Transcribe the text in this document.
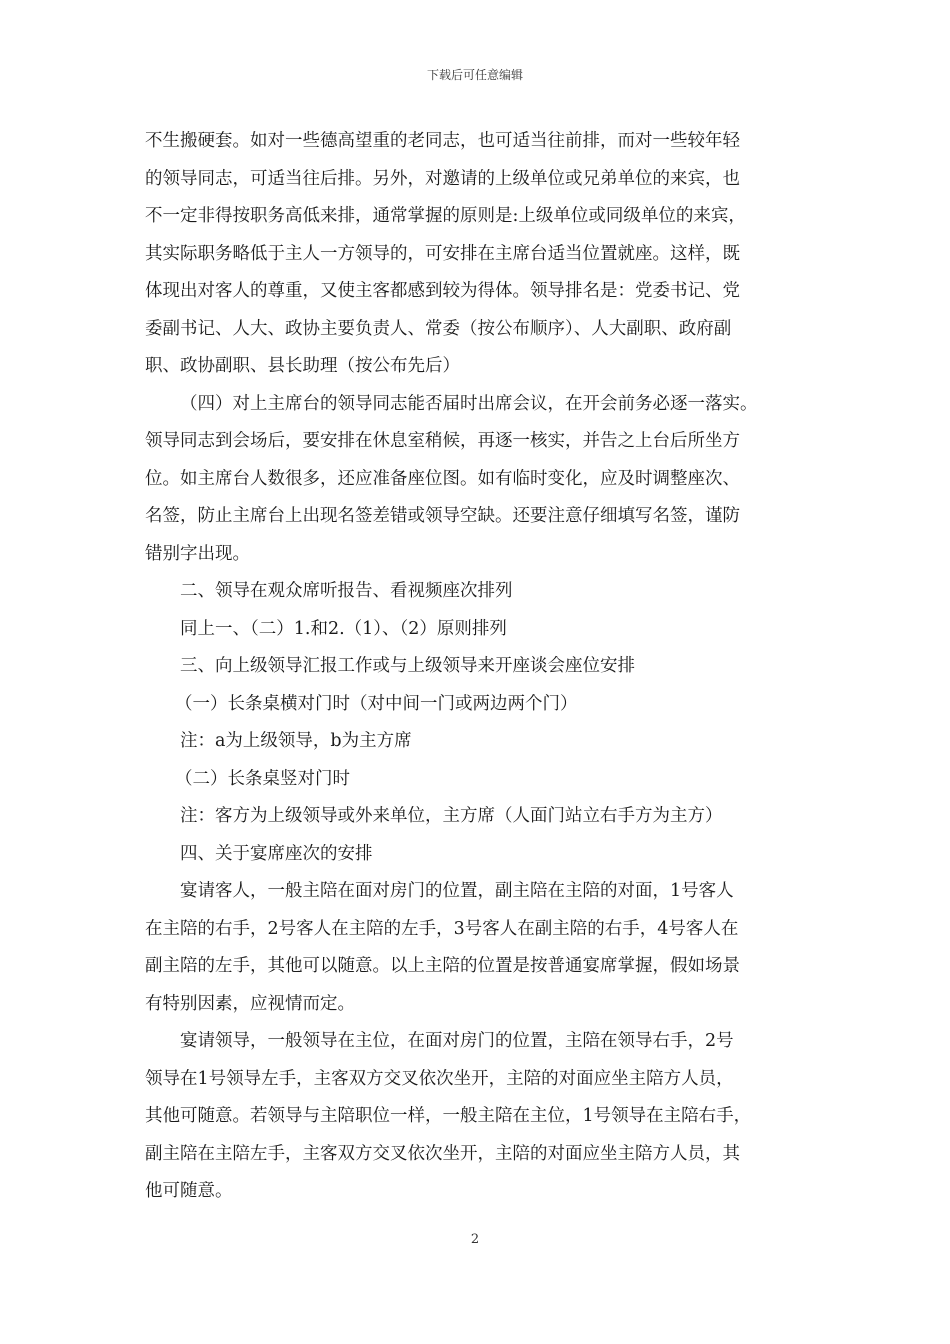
下载后可任意编辑
不生搬硬套。如对一些德高望重的老同志，也可适当往前排，而对一些较年轻
的领导同志，可适当往后排。另外，对邀请的上级单位或兄弟单位的来宾，也
不一定非得按职务高低来排，通常掌握的原则是:上级单位或同级单位的来宾，
其实际职务略低于主人一方领导的，可安排在主席台适当位置就座。这样，既
体现出对客人的尊重，又使主客都感到较为得体。领导排名是：党委书记、党
委副书记、人大、政协主要负责人、常委（按公布顺序）、人大副职、政府副
职、政协副职、县长助理（按公布先后）
（四）对上主席台的领导同志能否届时出席会议，在开会前务必逐一落实。
领导同志到会场后，要安排在休息室稍候，再逐一核实，并告之上台后所坐方
位。如主席台人数很多，还应准备座位图。如有临时变化，应及时调整座次、
名签，防止主席台上出现名签差错或领导空缺。还要注意仔细填写名签，谨防
错别字出现。
二、领导在观众席听报告、看视频座次排列
同上一、（二）1.和2.（1）、（2）原则排列
三、向上级领导汇报工作或与上级领导来开座谈会座位安排
（一）长条桌横对门时（对中间一门或两边两个门）
注：a为上级领导，b为主方席
（二）长条桌竖对门时
注：客方为上级领导或外来单位，主方席（人面门站立右手方为主方）
四、关于宴席座次的安排
宴请客人，一般主陪在面对房门的位置，副主陪在主陪的对面，1号客人
在主陪的右手，2号客人在主陪的左手，3号客人在副主陪的右手，4号客人在
副主陪的左手，其他可以随意。以上主陪的位置是按普通宴席掌握，假如场景
有特别因素，应视情而定。
宴请领导，一般领导在主位，在面对房门的位置，主陪在领导右手，2号
领导在1号领导左手，主客双方交叉依次坐开，主陪的对面应坐主陪方人员，
其他可随意。若领导与主陪职位一样，一般主陪在主位，1号领导在主陪右手，
副主陪在主陪左手，主客双方交叉依次坐开，主陪的对面应坐主陪方人员，其
他可随意。
2
